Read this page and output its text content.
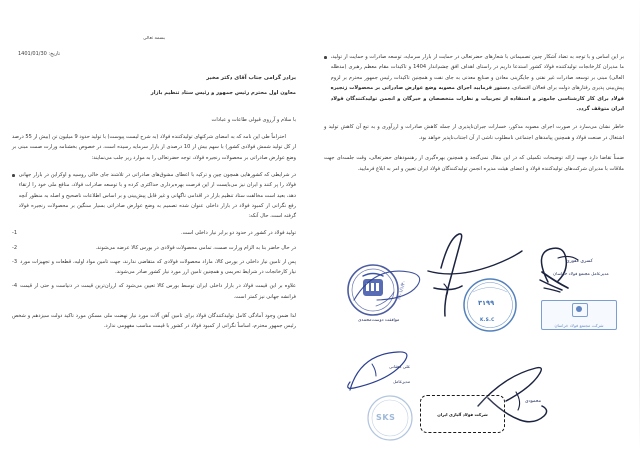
بر این اساس و با توجه به تضاد آشکار چنین تصمیماتی با شعارهای حضرتعالی در حمایت از بازار سرمایه، توسعه صادرات و حمایت از تولید، ما مدیران کارخانجات تولیدکننده فولاد کشور استدعا داریم در راستای اهداف افق چشم‌انداز 1404 و تاکیدات مقام معظم رهبری (مدظله العالی) مبنی بر توسعه صادرات غیر نفتی و جایگزینی معادن و صنایع معدنی به جای نفت و همچنین تاکیدات رئیس جمهور محترم بر لزوم پیش‌بینی پذیری رفتارهای دولت برای فعالان اقتصادی، دستور فرمایید اجرای مصوبه وضع عوارض صادراتی بر محصولات زنجیره فولاد برای کار کارشناسی جامع‌تر و استفاده از تجربیات و نظرات متخصصان و خبرگان و انجمن تولیدکنندگان فولاد ایران متوقف گردد.

خاطر نشان می‌سازد در صورت اجرای مصوبه مذکور، خسارات جبران‌ناپذیری از جمله کاهش صادرات و ارزآوری و به تبع آن کاهش تولید و اشتغال در صنعت فولاد و همچنین پیامدهای اجتماعی نامطلوب ناشی از آن اجتناب‌ناپذیر خواهد بود.

ضمناً تقاضا دارد جهت ارائه توضیحات تکمیلی که در این مقال نمی‌گنجد و همچنین بهره‌گیری از رهنمودهای حضرتعالی، وقت جلسه‌ای جهت ملاقات با مدیران شرکت‌های تولیدکننده فولاد و اعضای هیئت مدیره انجمن تولیدکنندگان فولاد ایران تعیین و امر به ابلاغ فرمایید.

۱۴۰۱/۱/۳۰
موافقت دوست‌محمدی
۳۱۹۹
K.S.C
کسری غفوری
مدیرعامل مجتمع فولاد خراسان
شرکت مجتمع فولاد خراسان
علی دهقانی
مدیرعامل
SKS	شرکت فولاد آلیاژی ایران
محمودی
بسمه تعالی
تاریخ: 1401/01/30
برادر گرامی جناب آقای دکتر مخبر
معاون اول محترم رئیس جمهور و رئیس ستاد تنظیم بازار
با سلام و آرزوی قبولی طاعات و عبادات

احتراماً طی این نامه که به امضای شرکتهای تولیدکننده فولاد (به شرح لیست پیوست) با تولید حدود 9 میلیون تن (بیش از 55 درصد از کل تولید شمش فولادی کشور) با سهم بیش از 10 درصدی از بازار سرمایه رسیده است، در خصوص بخشنامه وزارت صمت مبنی بر وضع عوارض صادراتی بر محصولات زنجیره فولاد، توجه حضرتعالی را به موارد زیر جلب می‌نمایند:

در شرایطی که کشورهایی همچون چین و ترکیه با اعطای مشوق‌های صادراتی در تلاشند جای خالی روسیه و اوکراین در بازار جهانی فولاد را پر کنند و ایران نیز می‌بایست از این فرصت بهره‌برداری حداکثری کرده و با توسعه صادرات فولاد، منافع ملی خود را ارتقاء دهد، بعید است مخالفت ستاد تنظیم بازار در اقدامی ناگهانی و غیر قابل پیش‌بینی و بر اساس اطلاعات ناصحیح و اصله به منظور آنچه رفع نگرانی از کمبود فولاد در بازار داخلی عنوان شده تصمیم به وضع عوارض صادراتی بسیار سنگین بر محصولات زنجیره فولاد گرفته است، حال آنکه:

1-	تولید فولاد در کشور در حدود دو برابر نیاز داخلی است.

2-	در حال حاضر بنا به الزام وزارت صمت، تمامی محصولات فولادی در بورس کالا عرضه می‌شوند.

3- پس از تامین نیاز داخلی در بورس کالا، مازاد محصولات فولادی که متقاضی ندارند، جهت تامین مواد اولیه، قطعات و تجهیزات مورد نیاز کارخانجات در شرایط تحریمی و همچنین تامین ارز مورد نیاز کشور صادر می‌شوند.

4- علاوه بر این قیمت فولاد در بازار داخلی ایران توسط بورس کالا تعیین می‌شود که ارزان‌ترین قیمت در دنیاست و حتی از قیمت فرانشه جهانی نیز کمتر است.

لذا ضمن وجود آمادگی کامل تولیدکنندگان فولاد برای تامین آهن آلات مورد نیاز نهضت ملی مسکن مورد تاکید دولت سیزدهم و شخص رئیس جمهور محترم، اساساً نگرانی از کمبود فولاد در کشور با قیمت مناسب مفهومی ندارد.
